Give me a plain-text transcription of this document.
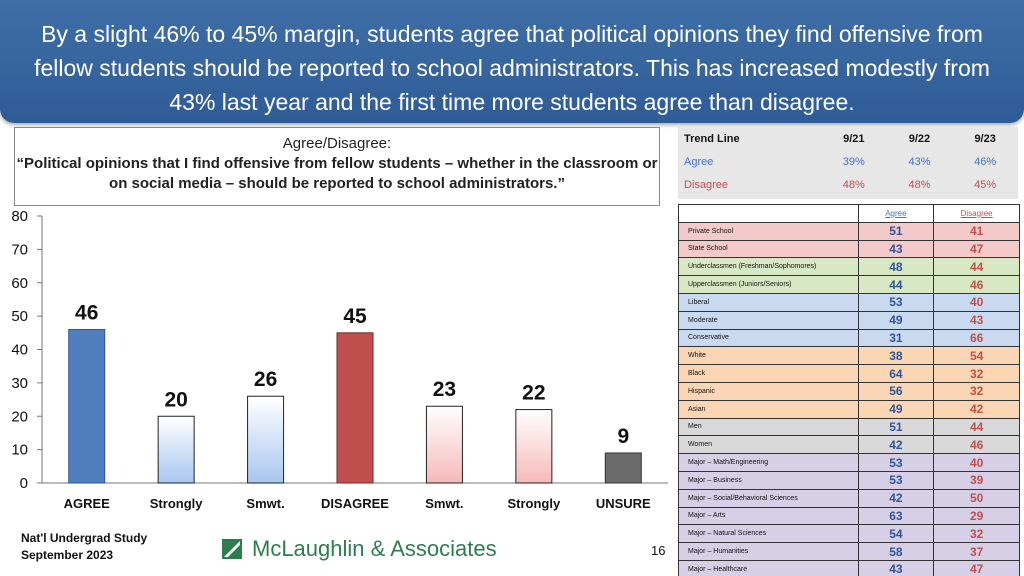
By a slight 46% to 45% margin, students agree that political opinions they find offensive from fellow students should be reported to school administrators. This has increased modestly from 43% last year and the first time more students agree than disagree.
Agree/Disagree:
“Political opinions that I find offensive from fellow students – whether in the classroom or on social media – should be reported to school administrators.”
0
10
20
30
40
50
60
70
80
46
AGREE
20
Strongly
26
Smwt.
45
DISAGREE
23
Smwt.
22
Strongly
9
UNSURE
Trend Line	9/21	9/22	9/23
Agree	39%	43%	46%
Disagree	48%	48%	45%
	Agree	Disagree
Private School	51	41
State School	43	47
Underclassmen (Freshman/Sophomores)	48	44
Upperclassmen (Juniors/Seniors)	44	46
Liberal	53	40
Moderate	49	43
Conservative	31	66
White	38	54
Black	64	32
Hispanic	56	32
Asian	49	42
Men	51	44
Women	42	46
Major – Math/Engineering	53	40
Major – Business	53	39
Major – Social/Behavioral Sciences	42	50
Major – Arts	63	29
Major – Natural Sciences	54	32
Major – Humanities	58	37
Major – Healthcare	43	47
Nat'l Undergrad Study
September 2023	McLaughlin & Associates	16
